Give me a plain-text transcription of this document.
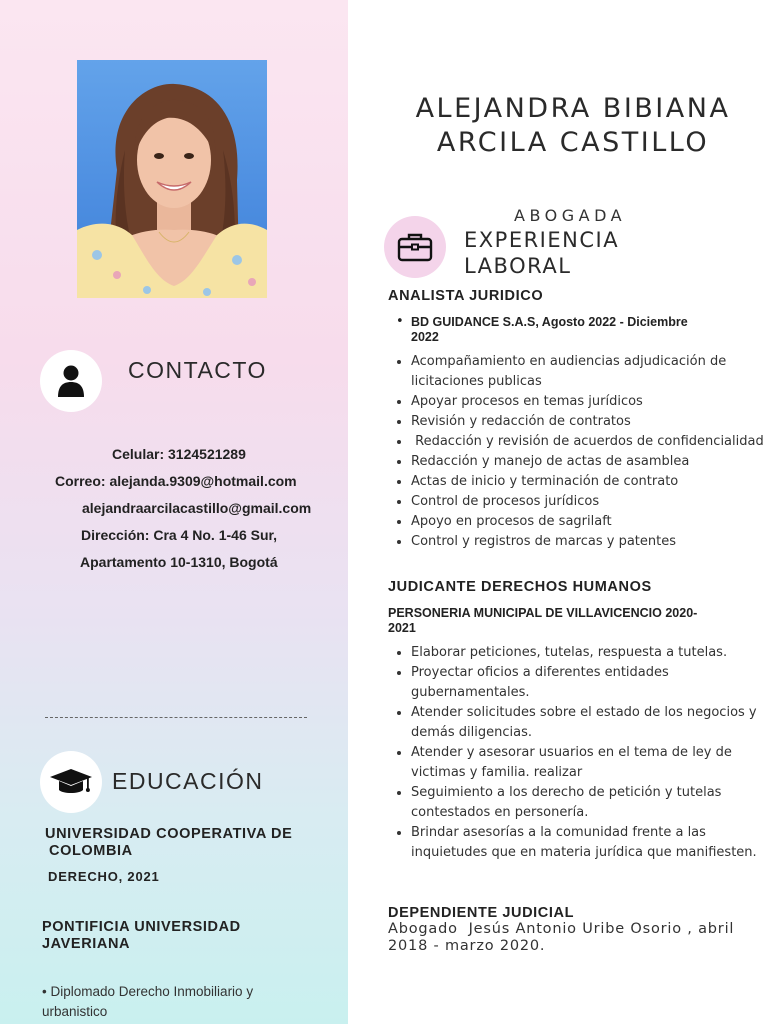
CONTACTO
Celular: 3124521289
Correo: alejanda.9309@hotmail.com
alejandraarcilacastillo@gmail.com
Dirección: Cra 4 No. 1-46 Sur,
Apartamento 10-1310, Bogotá
EDUCACIÓN
UNIVERSIDAD COOPERATIVA DE
COLOMBIA
DERECHO, 2021
PONTIFICIA UNIVERSIDAD
JAVERIANA
• Diplomado Derecho Inmobiliario y
urbanistico
ALEJANDRA BIBIANA
ARCILA CASTILLO
ABOGADA
EXPERIENCIA
LABORAL
ANALISTA JURIDICO
• BD GUIDANCE S.A.S, Agosto 2022 - Diciembre
2022
• Acompañamiento en audiencias adjudicación de licitaciones publicas
• Apoyar procesos en temas jurídicos
• Revisión y redacción de contratos
•  Redacción y revisión de acuerdos de confidencialidad
• Redacción y manejo de actas de asamblea
• Actas de inicio y terminación de contrato
• Control de procesos jurídicos
• Apoyo en procesos de sagrilaft
• Control y registros de marcas y patentes
JUDICANTE DERECHOS HUMANOS
PERSONERIA MUNICIPAL DE VILLAVICENCIO 2020-
2021
• Elaborar peticiones, tutelas, respuesta a tutelas.
• Proyectar oficios a diferentes entidades gubernamentales.
• Atender solicitudes sobre el estado de los negocios y demás diligencias.
• Atender y asesorar usuarios en el tema de ley de victimas y familia. realizar
• Seguimiento a los derecho de petición y tutelas contestados en personería.
• Brindar asesorías a la comunidad frente a las inquietudes que en materia jurídica que manifiesten.
DEPENDIENTE JUDICIAL
Abogado  Jesús Antonio Uribe Osorio , abril 2018 - marzo 2020.
